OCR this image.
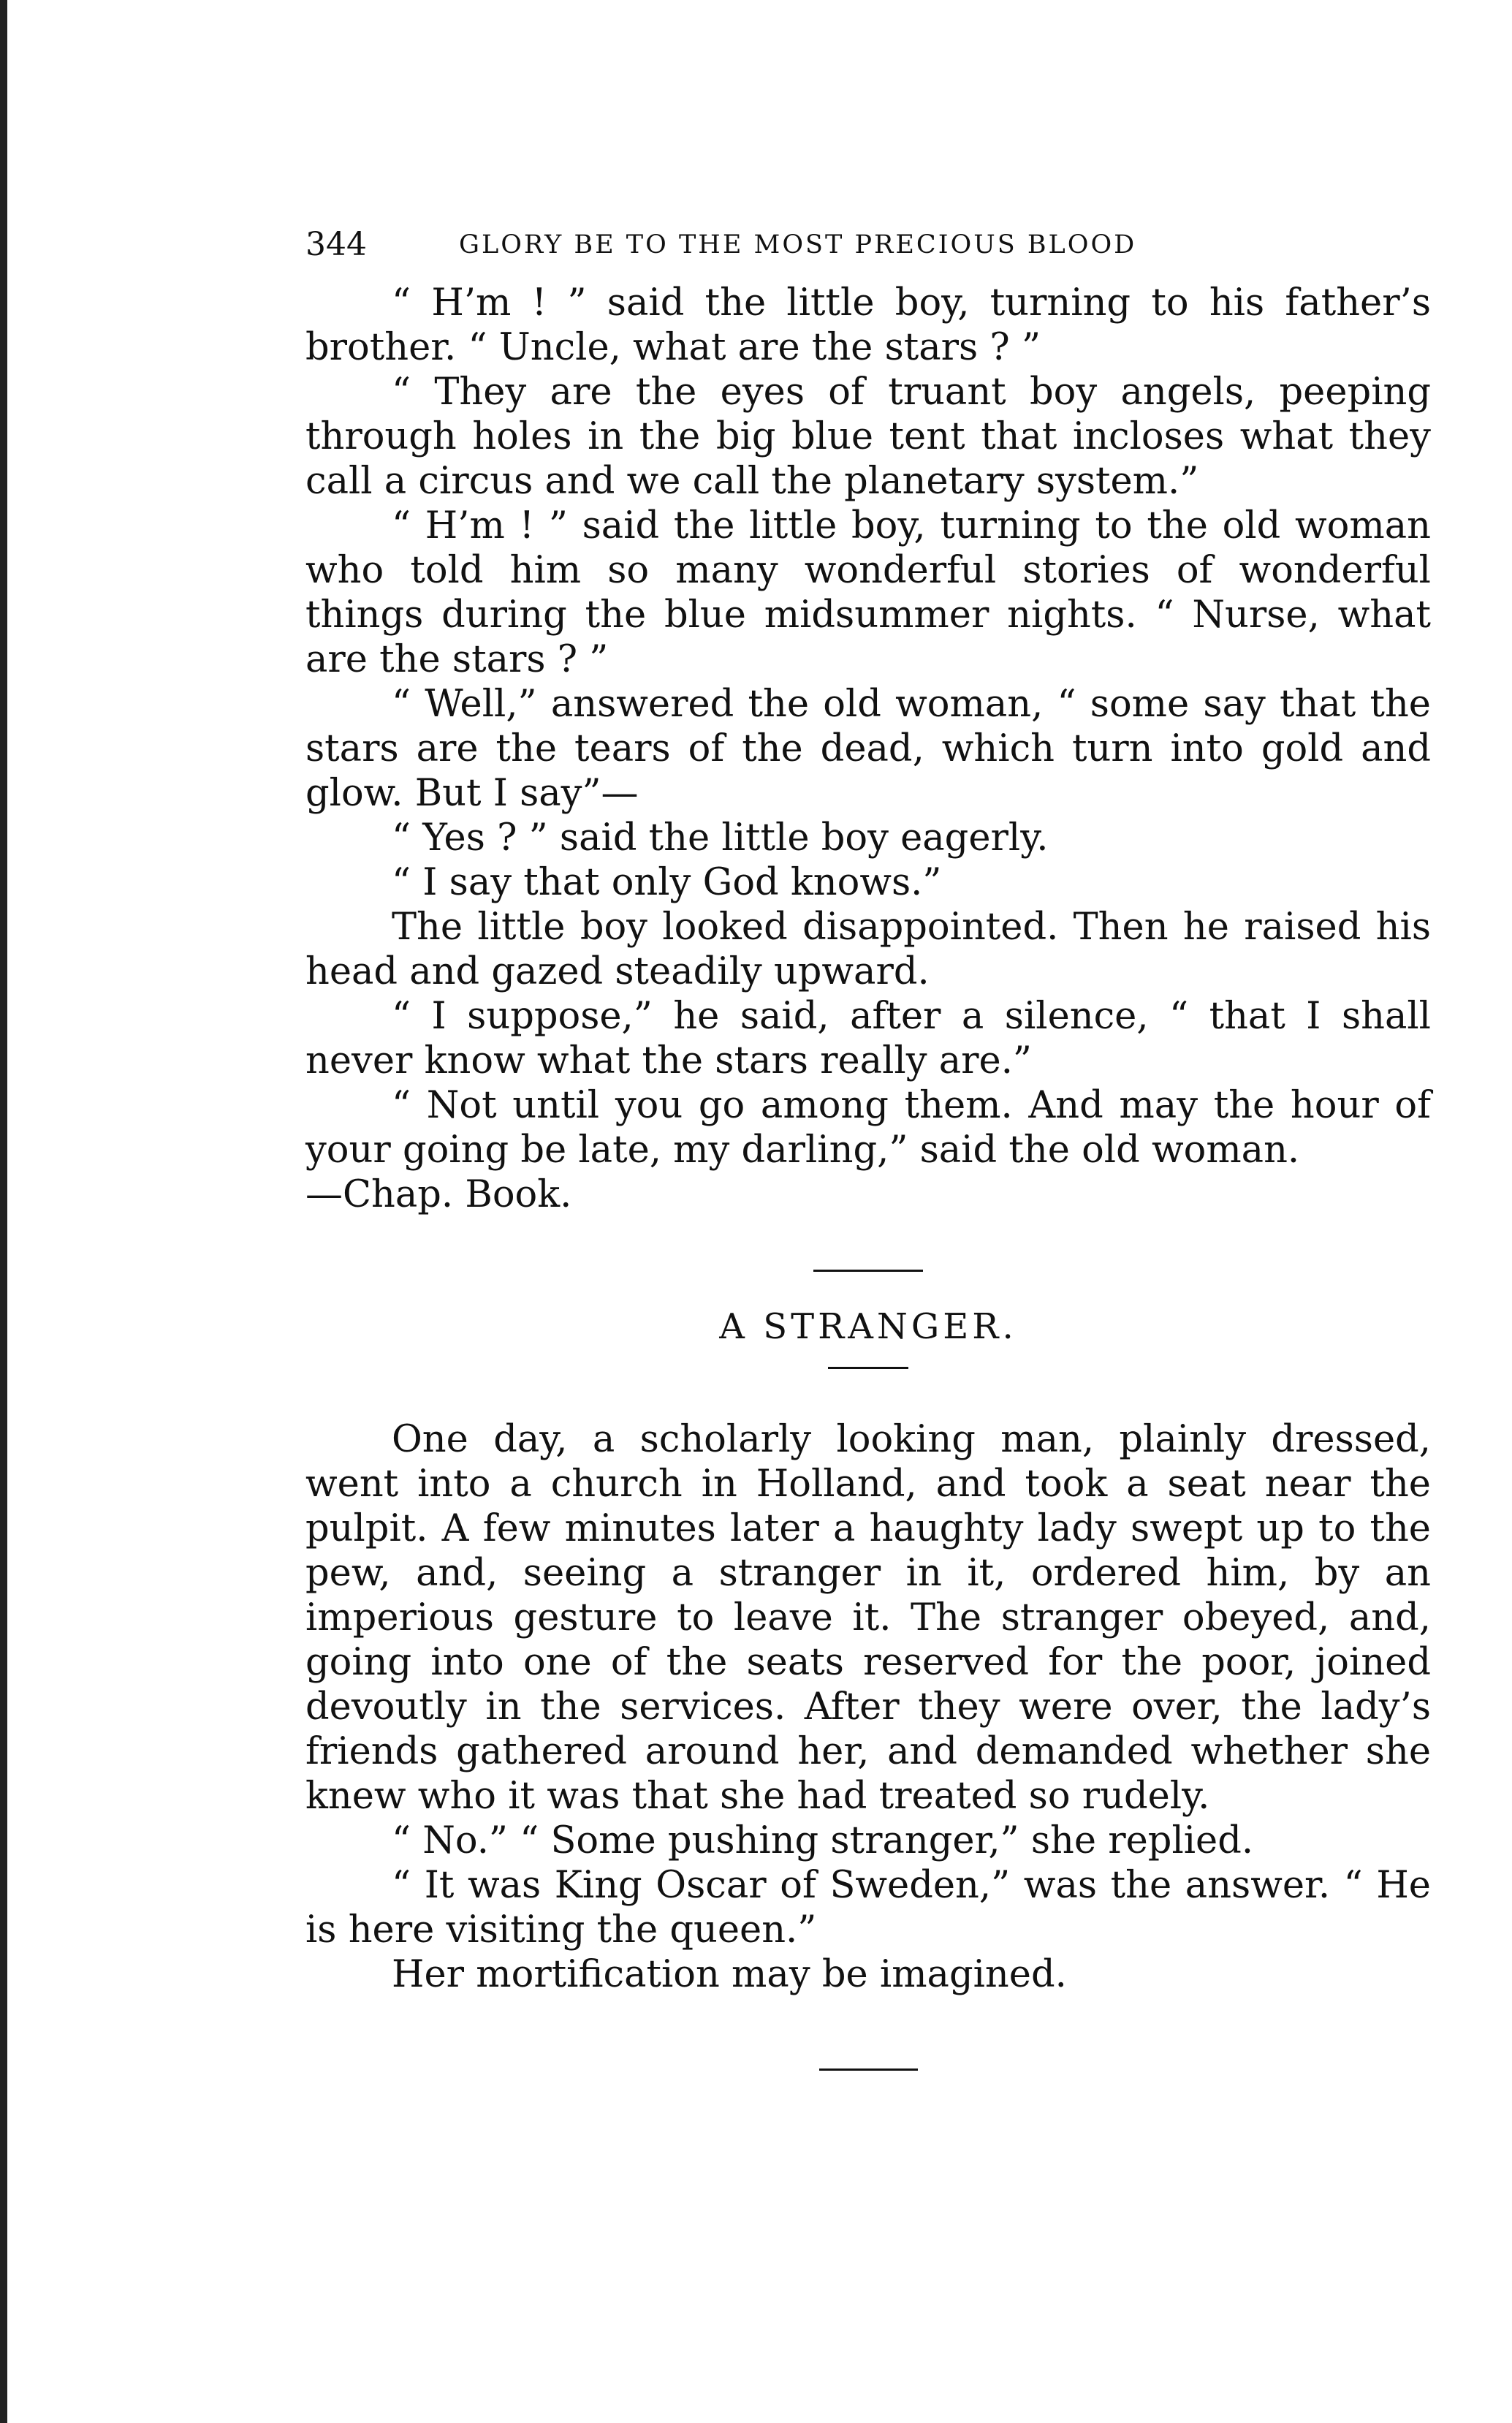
344	GLORY BE TO THE MOST PRECIOUS BLOOD

“ H’m ! ” said the little boy, turning to his father’s brother. “ Uncle, what are the stars ? ”

“ They are the eyes of truant boy angels, peeping through holes in the big blue tent that incloses what they call a circus and we call the planetary system.”

“ H’m ! ” said the little boy, turning to the old woman who told him so many wonderful stories of wonderful things during the blue midsummer nights. “ Nurse, what are the stars ? ”

“ Well,” answered the old woman, “ some say that the stars are the tears of the dead, which turn into gold and glow. But I say”—

“ Yes ? ” said the little boy eagerly.

“ I say that only God knows.”

The little boy looked disappointed. Then he raised his head and gazed steadily upward.

“ I suppose,” he said, after a silence, “ that I shall never know what the stars really are.”

“ Not until you go among them. And may the hour of your going be late, my darling,” said the old woman.

—Chap. Book.

A STRANGER.

One day, a scholarly looking man, plainly dressed, went into a church in Holland, and took a seat near the pulpit. A few minutes later a haughty lady swept up to the pew, and, seeing a stranger in it, ordered him, by an imperious gesture to leave it. The stranger obeyed, and, going into one of the seats reserved for the poor, joined devoutly in the services. After they were over, the lady’s friends gathered around her, and demanded whether she knew who it was that she had treated so rudely.

“ No.” “ Some pushing stranger,” she replied.

“ It was King Oscar of Sweden,” was the answer. “ He is here visiting the queen.”

Her mortification may be imagined.
